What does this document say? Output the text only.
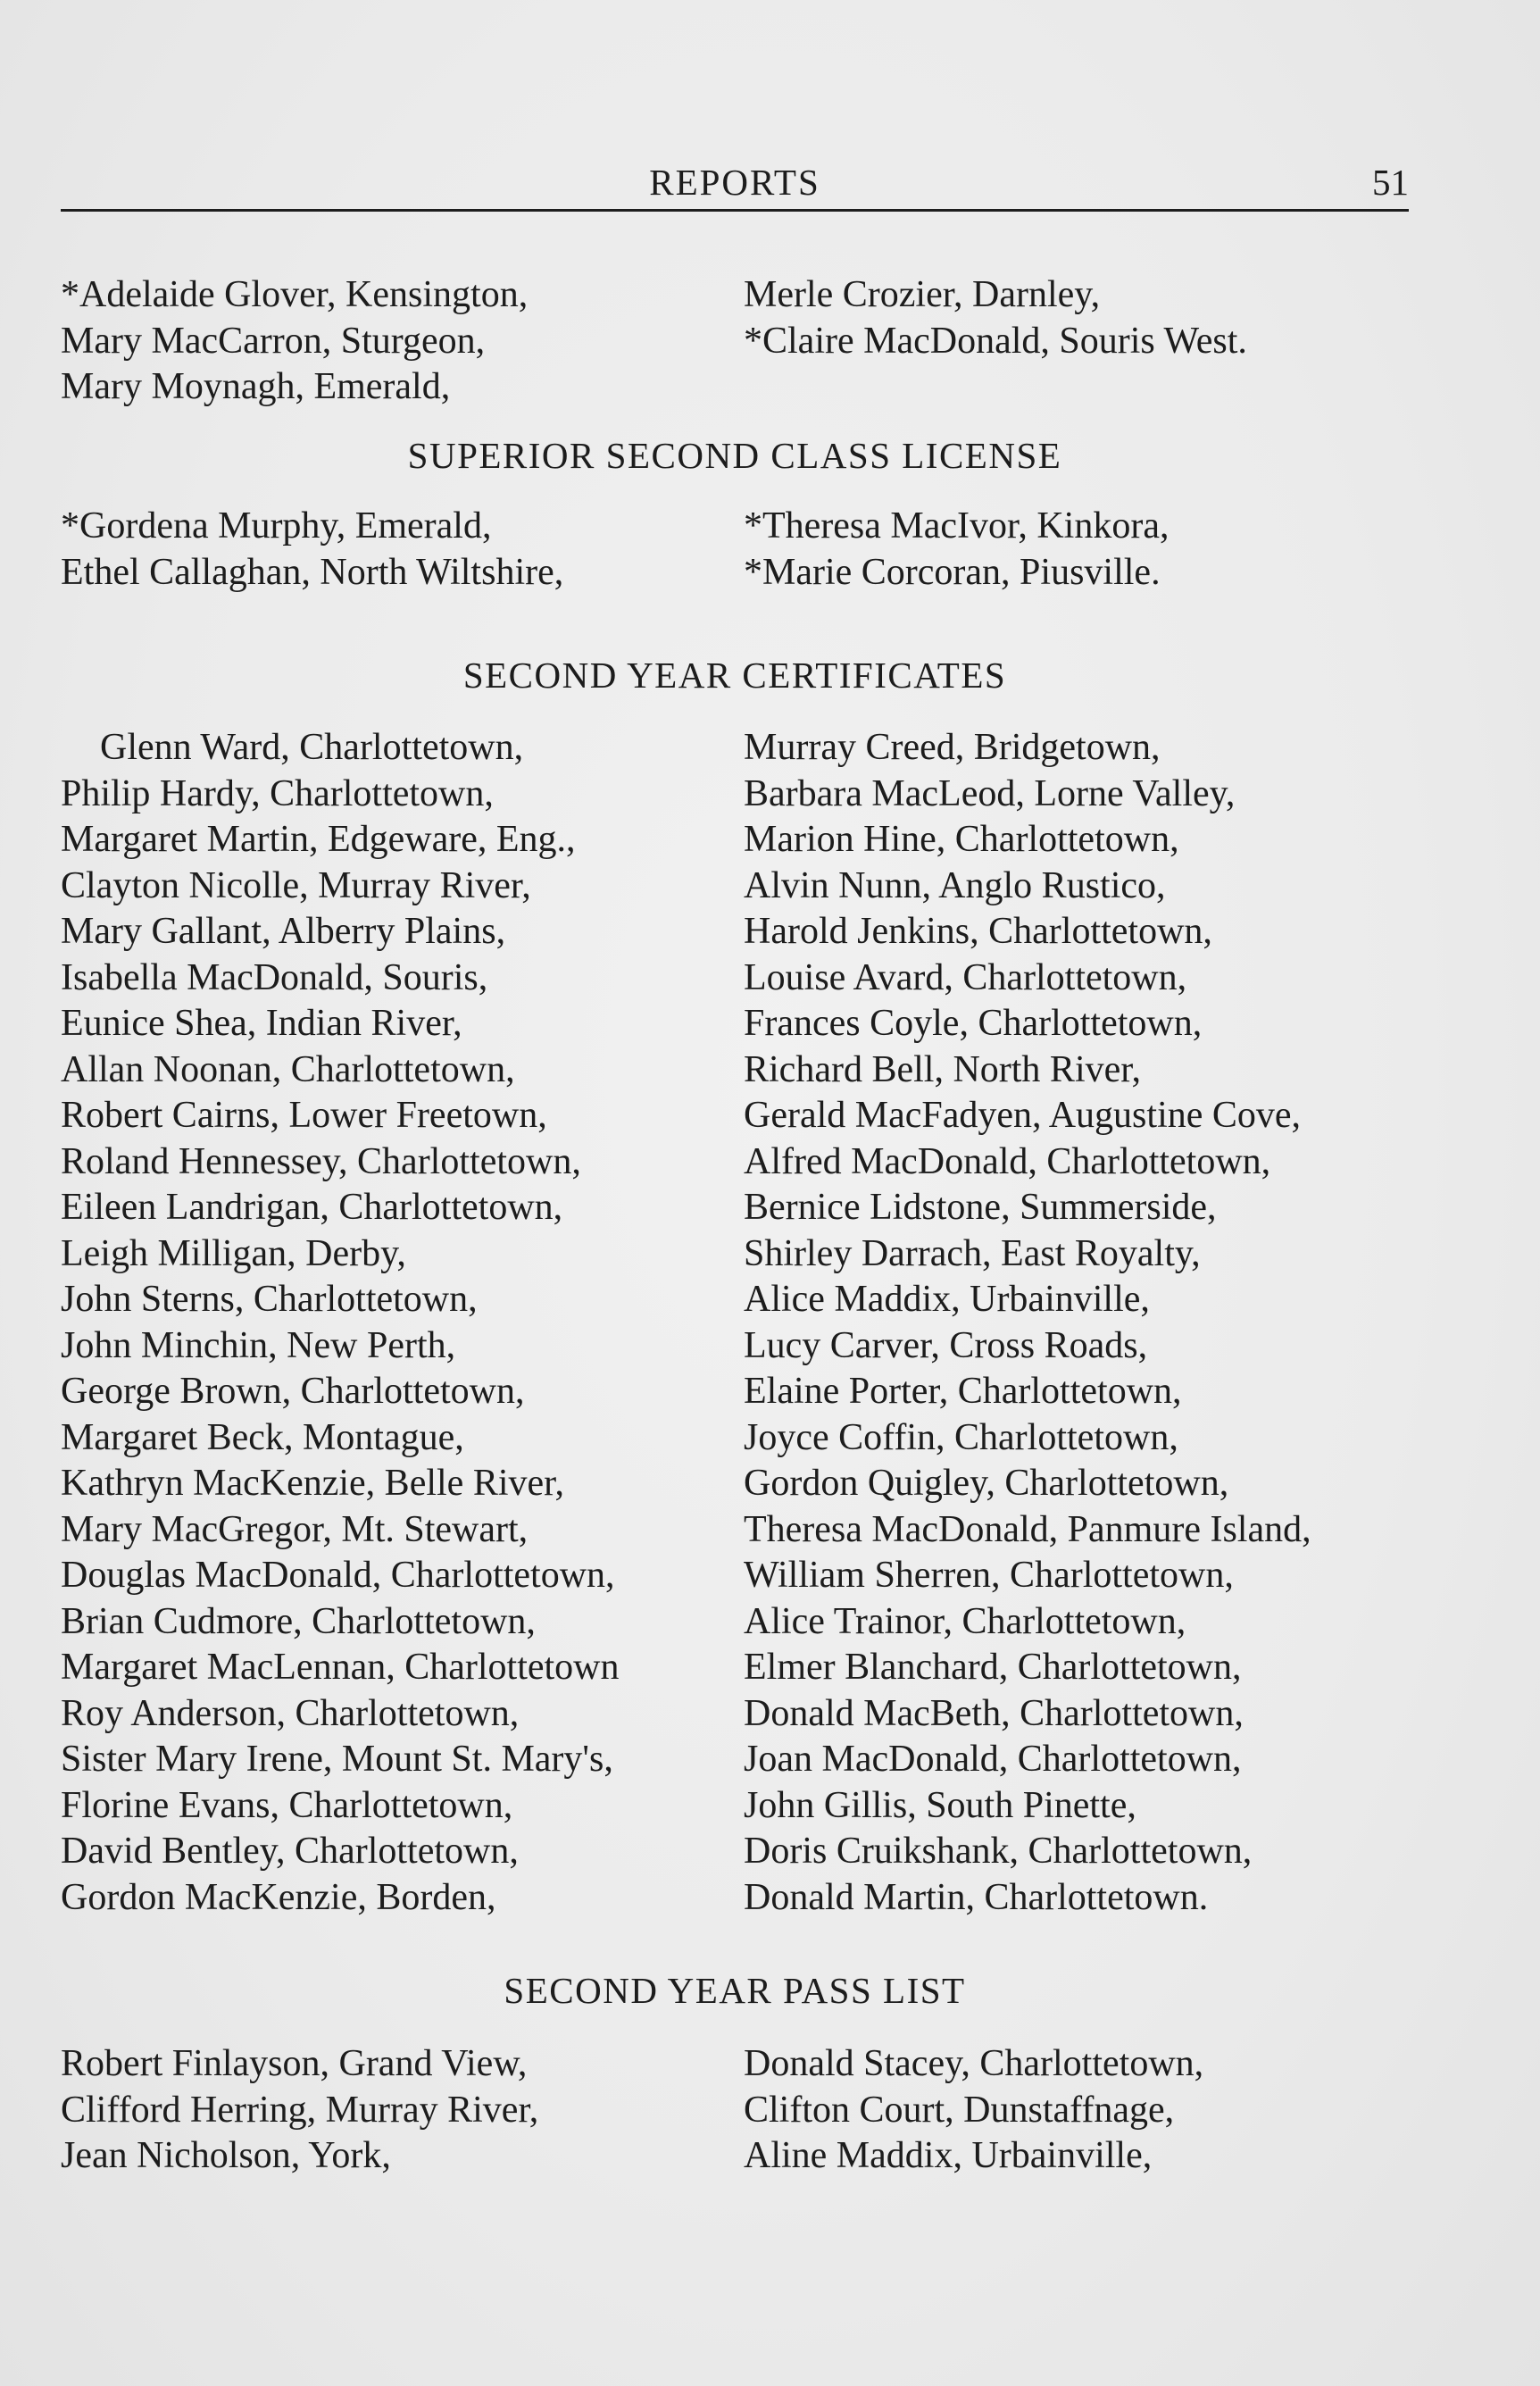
REPORTS	51
*Adelaide Glover, Kensington,
Mary MacCarron, Sturgeon,
Mary Moynagh, Emerald,
Merle Crozier, Darnley,
*Claire MacDonald, Souris West.
SUPERIOR SECOND CLASS LICENSE
*Gordena Murphy, Emerald,
Ethel Callaghan, North Wiltshire,
*Theresa MacIvor, Kinkora,
*Marie Corcoran, Piusville.
SECOND YEAR CERTIFICATES
Glenn Ward, Charlottetown,
Philip Hardy, Charlottetown,
Margaret Martin, Edgeware, Eng.,
Clayton Nicolle, Murray River,
Mary Gallant, Alberry Plains,
Isabella MacDonald, Souris,
Eunice Shea, Indian River,
Allan Noonan, Charlottetown,
Robert Cairns, Lower Freetown,
Roland Hennessey, Charlottetown,
Eileen Landrigan, Charlottetown,
Leigh Milligan, Derby,
John Sterns, Charlottetown,
John Minchin, New Perth,
George Brown, Charlottetown,
Margaret Beck, Montague,
Kathryn MacKenzie, Belle River,
Mary MacGregor, Mt. Stewart,
Douglas MacDonald, Charlottetown,
Brian Cudmore, Charlottetown,
Margaret MacLennan, Charlottetown
Roy Anderson, Charlottetown,
Sister Mary Irene, Mount St. Mary's,
Florine Evans, Charlottetown,
David Bentley, Charlottetown,
Gordon MacKenzie, Borden,
Murray Creed, Bridgetown,
Barbara MacLeod, Lorne Valley,
Marion Hine, Charlottetown,
Alvin Nunn, Anglo Rustico,
Harold Jenkins, Charlottetown,
Louise Avard, Charlottetown,
Frances Coyle, Charlottetown,
Richard Bell, North River,
Gerald MacFadyen, Augustine Cove,
Alfred MacDonald, Charlottetown,
Bernice Lidstone, Summerside,
Shirley Darrach, East Royalty,
Alice Maddix, Urbainville,
Lucy Carver, Cross Roads,
Elaine Porter, Charlottetown,
Joyce Coffin, Charlottetown,
Gordon Quigley, Charlottetown,
Theresa MacDonald, Panmure Island,
William Sherren, Charlottetown,
Alice Trainor, Charlottetown,
Elmer Blanchard, Charlottetown,
Donald MacBeth, Charlottetown,
Joan MacDonald, Charlottetown,
John Gillis, South Pinette,
Doris Cruikshank, Charlottetown,
Donald Martin, Charlottetown.
SECOND YEAR PASS LIST
Robert Finlayson, Grand View,
Clifford Herring, Murray River,
Jean Nicholson, York,
Donald Stacey, Charlottetown,
Clifton Court, Dunstaffnage,
Aline Maddix, Urbainville,
